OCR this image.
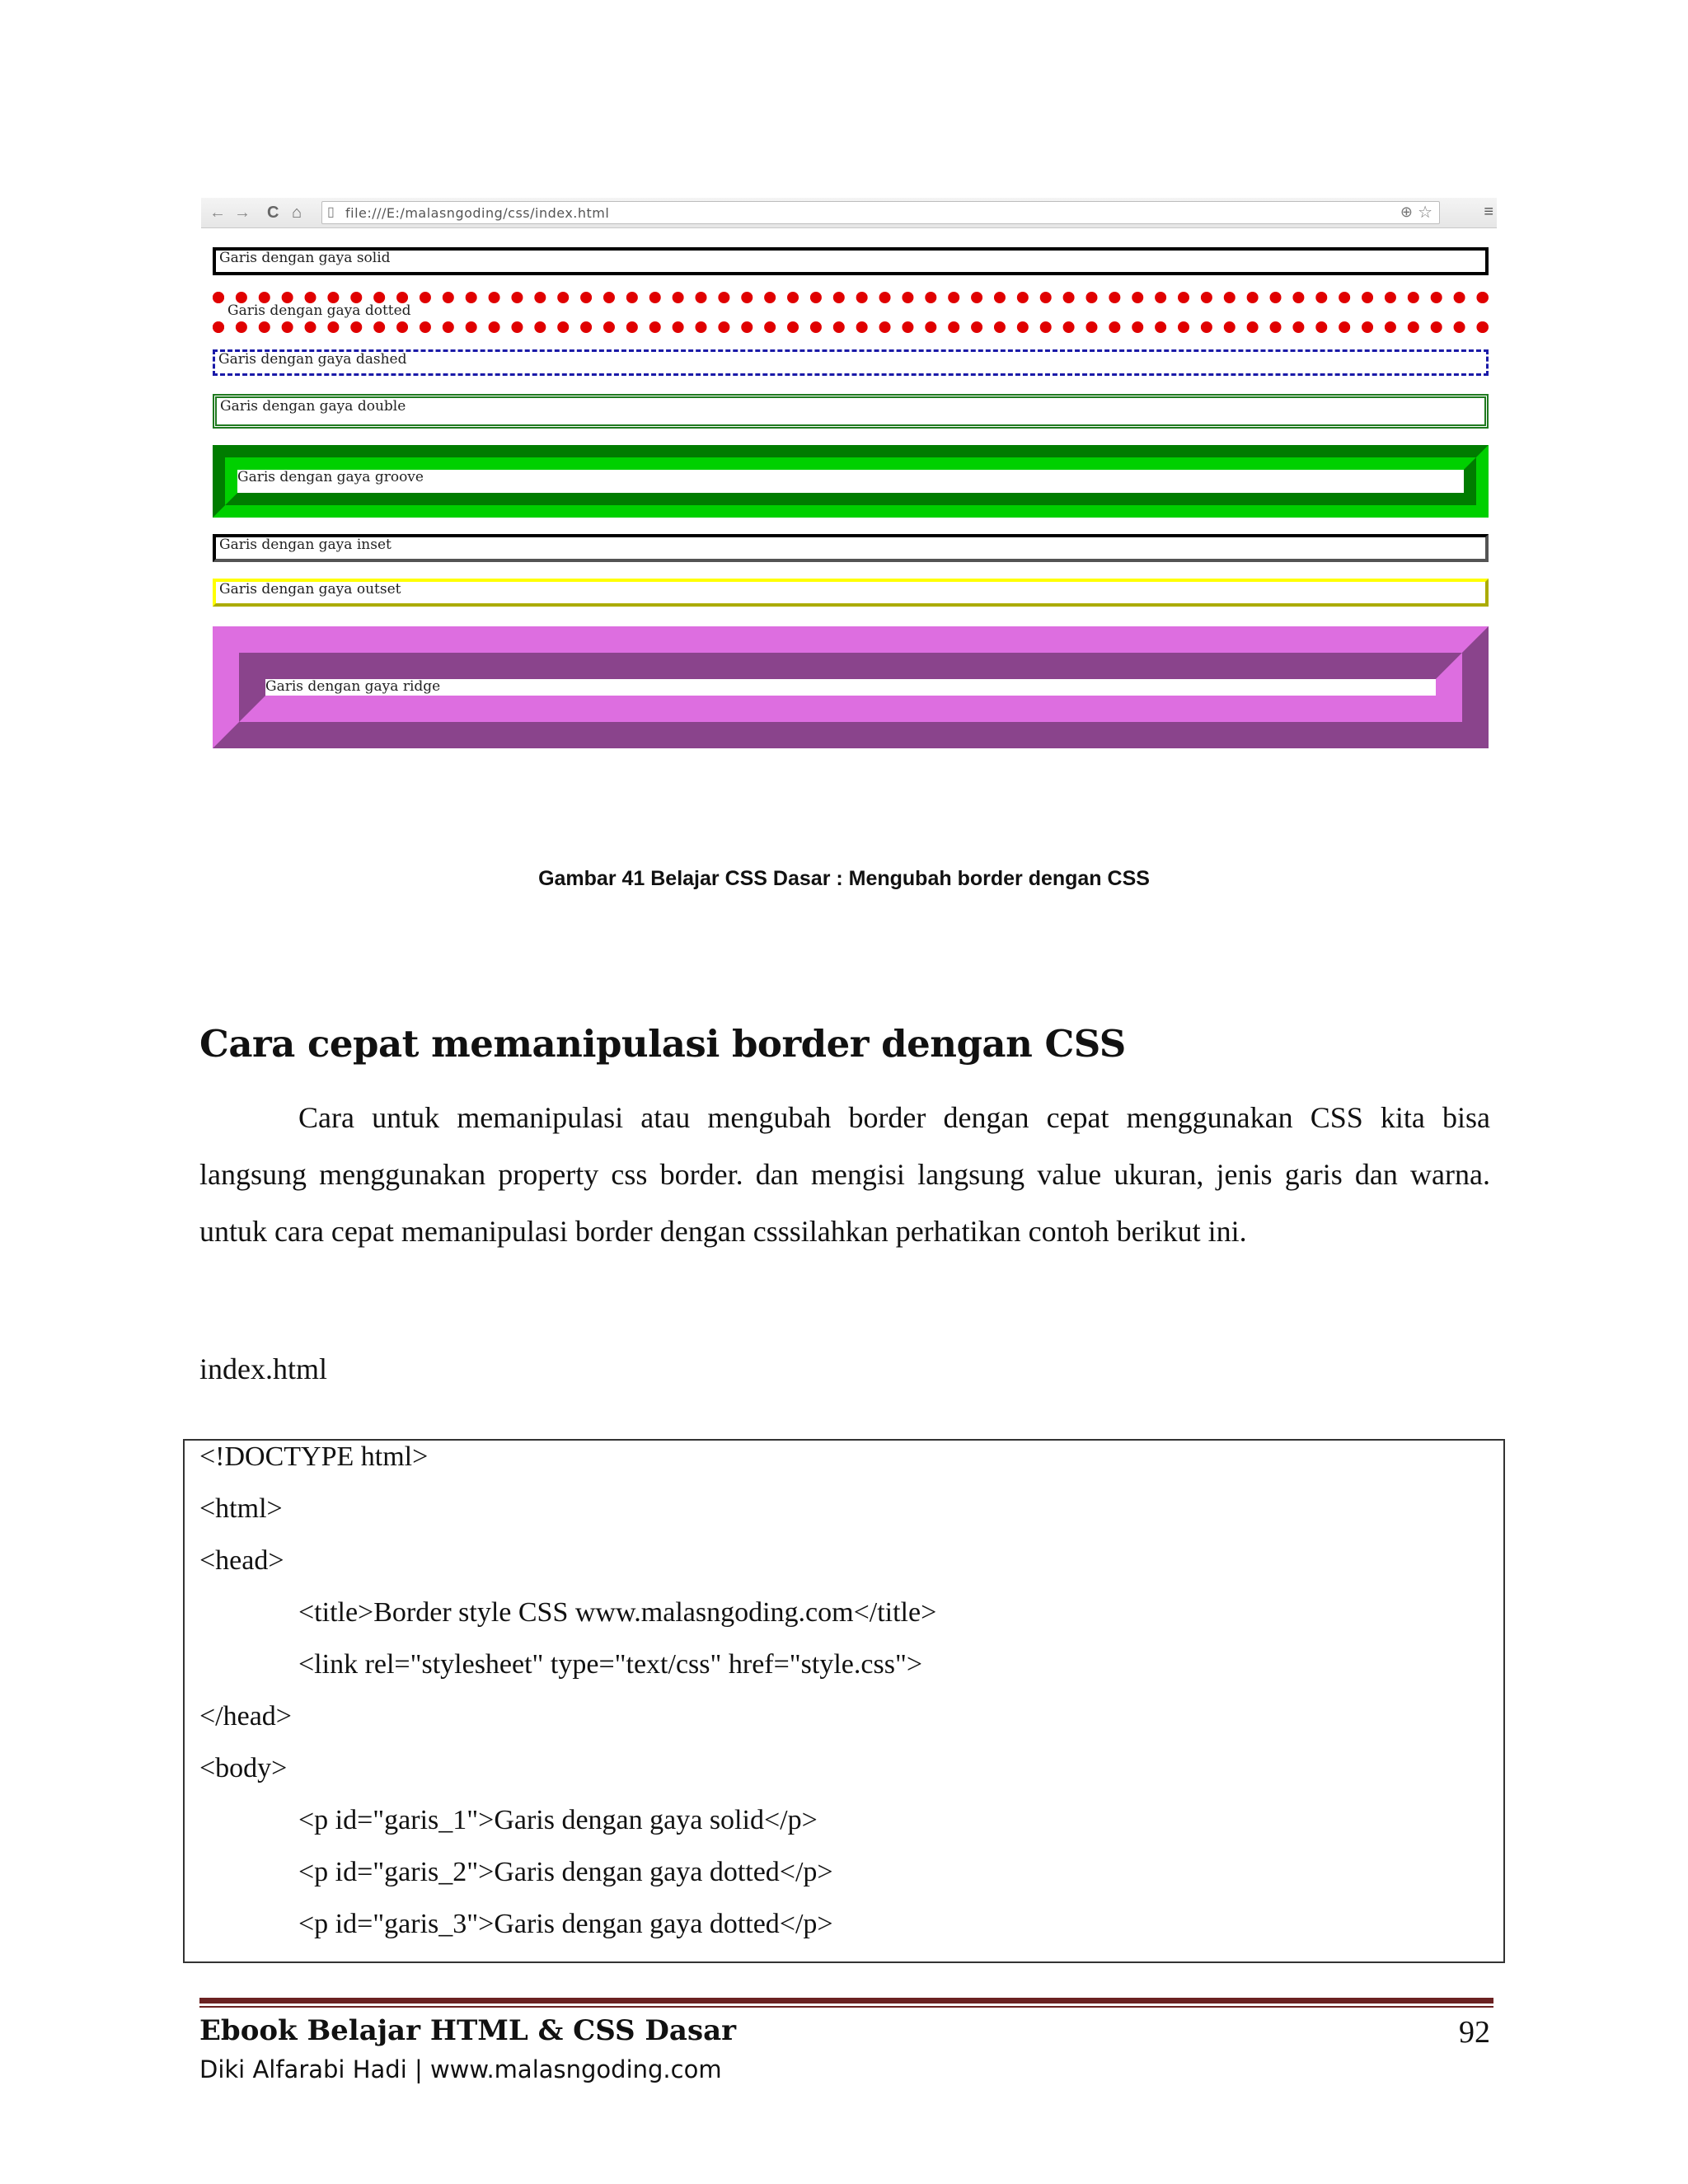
← → C ⌂ ▯ file:///E:/malasngoding/css/index.html	⊕ ☆	≡
Garis dengan gaya solid
Garis dengan gaya dotted
Garis dengan gaya dashed
Garis dengan gaya double
Garis dengan gaya groove
Garis dengan gaya inset
Garis dengan gaya outset
Garis dengan gaya ridge
Gambar 41 Belajar CSS Dasar : Mengubah border dengan CSS
Cara cepat memanipulasi border dengan CSS

Cara untuk memanipulasi atau mengubah border dengan cepat menggunakan CSS kita bisa langsung menggunakan property css border. dan mengisi langsung value ukuran, jenis garis dan warna. untuk cara cepat memanipulasi border dengan csssilahkan perhatikan contoh berikut ini.

index.html
<!DOCTYPE html>
<html>
<head>
<title>Border style CSS www.malasngoding.com</title>
<link rel="stylesheet" type="text/css" href="style.css">
</head>
<body>
<p id="garis_1">Garis dengan gaya solid</p>
<p id="garis_2">Garis dengan gaya dotted</p>
<p id="garis_3">Garis dengan gaya dotted</p>
Ebook Belajar HTML & CSS Dasar
Diki Alfarabi Hadi | www.malasngoding.com
92
